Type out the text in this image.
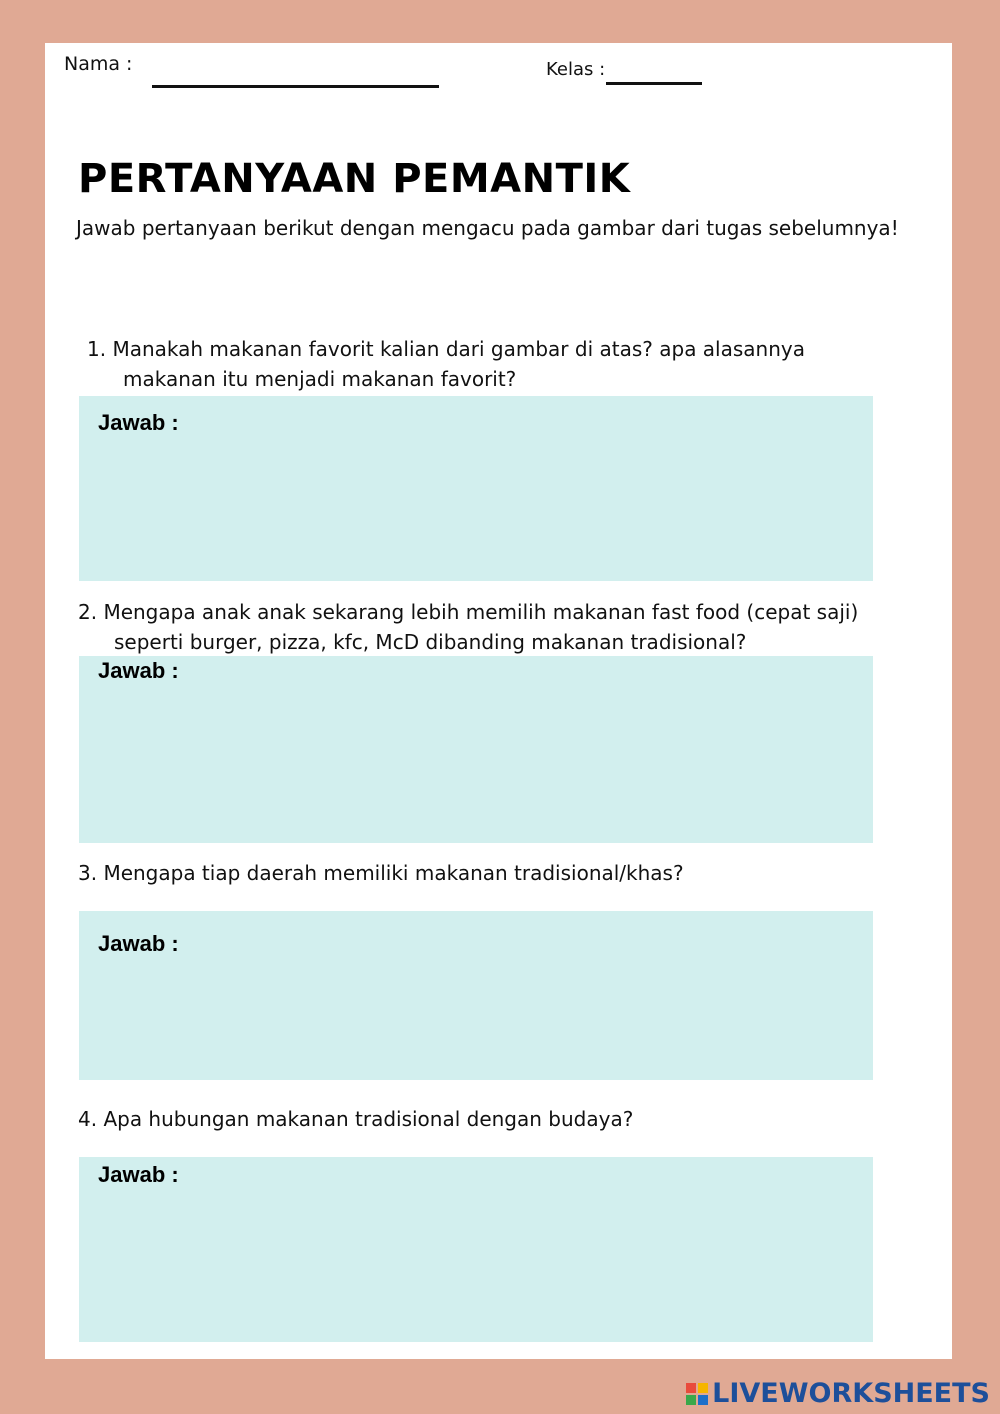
Nama :	Kelas :
PERTANYAAN PEMANTIK
Jawab pertanyaan berikut dengan mengacu pada gambar dari tugas sebelumnya!
1. Manakah makanan favorit kalian dari gambar di atas? apa alasannya
makanan itu menjadi makanan favorit?
Jawab :
2. Mengapa anak anak sekarang lebih memilih makanan fast food (cepat saji)
seperti burger, pizza, kfc, McD dibanding makanan tradisional?
Jawab :
3. Mengapa tiap daerah memiliki makanan tradisional/khas?
Jawab :
4. Apa hubungan makanan tradisional dengan budaya?
Jawab :
LIVEWORKSHEETS
